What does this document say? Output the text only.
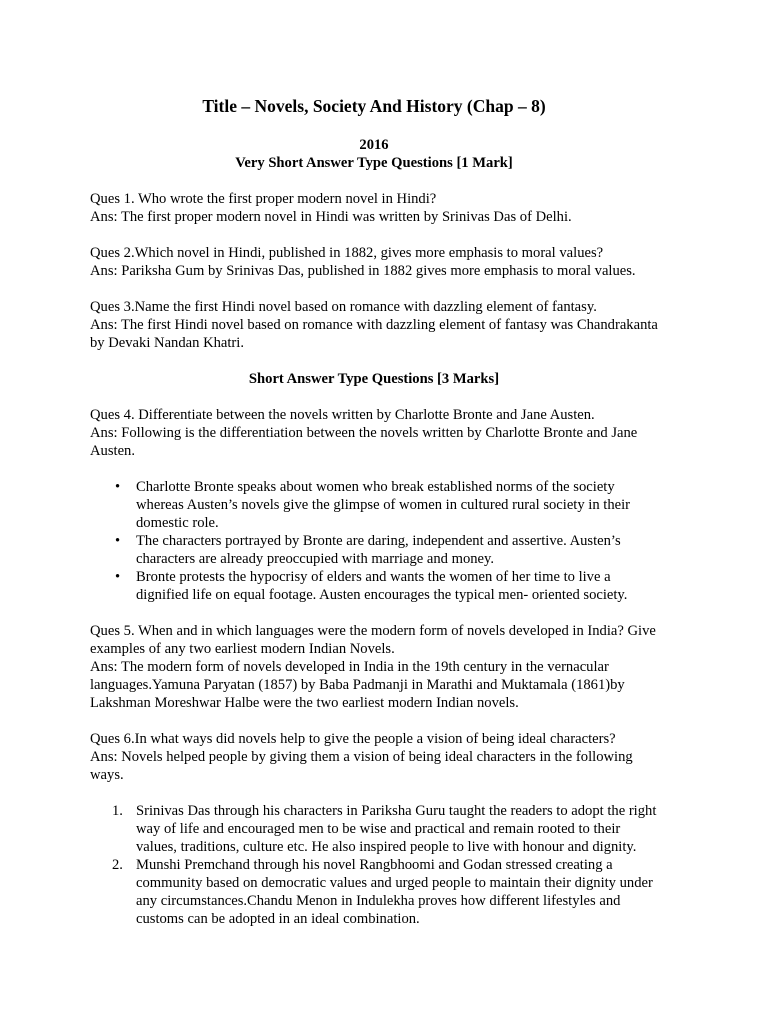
Title – Novels, Society And History (Chap – 8)

2016

Very Short Answer Type Questions [1 Mark]

Ques 1. Who wrote the first proper modern novel in Hindi?

Ans: The first proper modern novel in Hindi was written by Srinivas Das of Delhi.

Ques 2.Which novel in Hindi, published in 1882, gives more emphasis to moral values?

Ans: Pariksha Gum by Srinivas Das, published in 1882 gives more emphasis to moral values.

Ques 3.Name the first Hindi novel based on romance with dazzling element of fantasy.

Ans: The first Hindi novel based on romance with dazzling element of fantasy was Chandrakanta by Devaki Nandan Khatri.

Short Answer Type Questions [3 Marks]

Ques 4. Differentiate between the novels written by Charlotte Bronte and Jane Austen.

Ans: Following is the differentiation between the novels written by Charlotte Bronte and Jane Austen.

• Charlotte Bronte speaks about women who break established norms of the society whereas Austen’s novels give the glimpse of women in cultured rural society in their domestic role.
• The characters portrayed by Bronte are daring, independent and assertive. Austen’s characters are already preoccupied with marriage and money.
• Bronte protests the hypocrisy of elders and wants the women of her time to live a dignified life on equal footage. Austen encourages the typical men- oriented society.

Ques 5. When and in which languages were the modern form of novels developed in India? Give examples of any two earliest modern Indian Novels.

Ans: The modern form of novels developed in India in the 19th century in the vernacular languages.Yamuna Paryatan (1857) by Baba Padmanji in Marathi and Muktamala (1861)by Lakshman Moreshwar Halbe were the two earliest modern Indian novels.

Ques 6.In what ways did novels help to give the people a vision of being ideal characters?

Ans: Novels helped people by giving them a vision of being ideal characters in the following ways.

1. Srinivas Das through his characters in Pariksha Guru taught the readers to adopt the right way of life and encouraged men to be wise and practical and remain rooted to their values, traditions, culture etc. He also inspired people to live with honour and dignity.
2. Munshi Premchand through his novel Rangbhoomi and Godan stressed creating a community based on democratic values and urged people to maintain their dignity under any circumstances.Chandu Menon in Indulekha proves how different lifestyles and customs can be adopted in an ideal combination.
